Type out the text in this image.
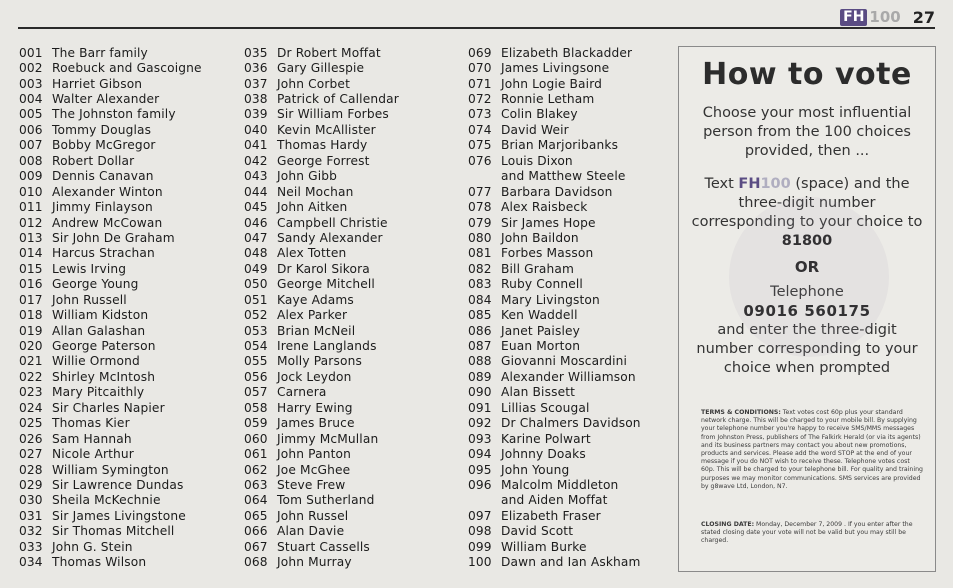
FH 100 27
001 The Barr family
002 Roebuck and Gascoigne
003 Harriet Gibson
004 Walter Alexander
005 The Johnston family
006 Tommy Douglas
007 Bobby McGregor
008 Robert Dollar
009 Dennis Canavan
010 Alexander Winton
011 Jimmy Finlayson
012 Andrew McCowan
013 Sir John De Graham
014 Harcus Strachan
015 Lewis Irving
016 George Young
017 John Russell
018 William Kidston
019 Allan Galashan
020 George Paterson
021 Willie Ormond
022 Shirley McIntosh
023 Mary Pitcaithly
024 Sir Charles Napier
025 Thomas Kier
026 Sam Hannah
027 Nicole Arthur
028 William Symington
029 Sir Lawrence Dundas
030 Sheila McKechnie
031 Sir James Livingstone
032 Sir Thomas Mitchell
033 John G. Stein
034 Thomas Wilson
035 Dr Robert Moffat
036 Gary Gillespie
037 John Corbet
038 Patrick of Callendar
039 Sir William Forbes
040 Kevin McAllister
041 Thomas Hardy
042 George Forrest
043 John Gibb
044 Neil Mochan
045 John Aitken
046 Campbell Christie
047 Sandy Alexander
048 Alex Totten
049 Dr Karol Sikora
050 George Mitchell
051 Kaye Adams
052 Alex Parker
053 Brian McNeil
054 Irene Langlands
055 Molly Parsons
056 Jock Leydon
057 Carnera
058 Harry Ewing
059 James Bruce
060 Jimmy McMullan
061 John Panton
062 Joe McGhee
063 Steve Frew
064 Tom Sutherland
065 John Russel
066 Alan Davie
067 Stuart Cassells
068 John Murray
069 Elizabeth Blackadder
070 James Livingsone
071 John Logie Baird
072 Ronnie Letham
073 Colin Blakey
074 David Weir
075 Brian Marjoribanks
076 Louis Dixon
and Matthew Steele
077 Barbara Davidson
078 Alex Raisbeck
079 Sir James Hope
080 John Baildon
081 Forbes Masson
082 Bill Graham
083 Ruby Connell
084 Mary Livingston
085 Ken Waddell
086 Janet Paisley
087 Euan Morton
088 Giovanni Moscardini
089 Alexander Williamson
090 Alan Bissett
091 Lillias Scougal
092 Dr Chalmers Davidson
093 Karine Polwart
094 Johnny Doaks
095 John Young
096 Malcolm Middleton
and Aiden Moffat
097 Elizabeth Fraser
098 David Scott
099 William Burke
100 Dawn and Ian Askham
How to vote
Choose your most influential person from the 100 choices provided, then ...
Text FH100 (space) and the three-digit number corresponding to your choice to 81800
OR
Telephone
09016 560175
and enter the three-digit number corresponding to your choice when prompted
TERMS & CONDITIONS: Text votes cost 60p plus your standard network charge. This will be charged to your mobile bill. By supplying your telephone number you're happy to receive SMS/MMS messages from Johnston Press, publishers of The Falkirk Herald (or via its agents) and its business partners may contact you about new promotions, products and services. Please add the word STOP at the end of your message if you do NOT wish to receive these. Telephone votes cost 60p. This will be charged to your telephone bill. For quality and training purposes we may monitor communications. SMS services are provided by g8wave Ltd, London, N7.
CLOSING DATE: Monday, December 7, 2009 . If you enter after the stated closing date your vote will not be valid but you may still be charged.
